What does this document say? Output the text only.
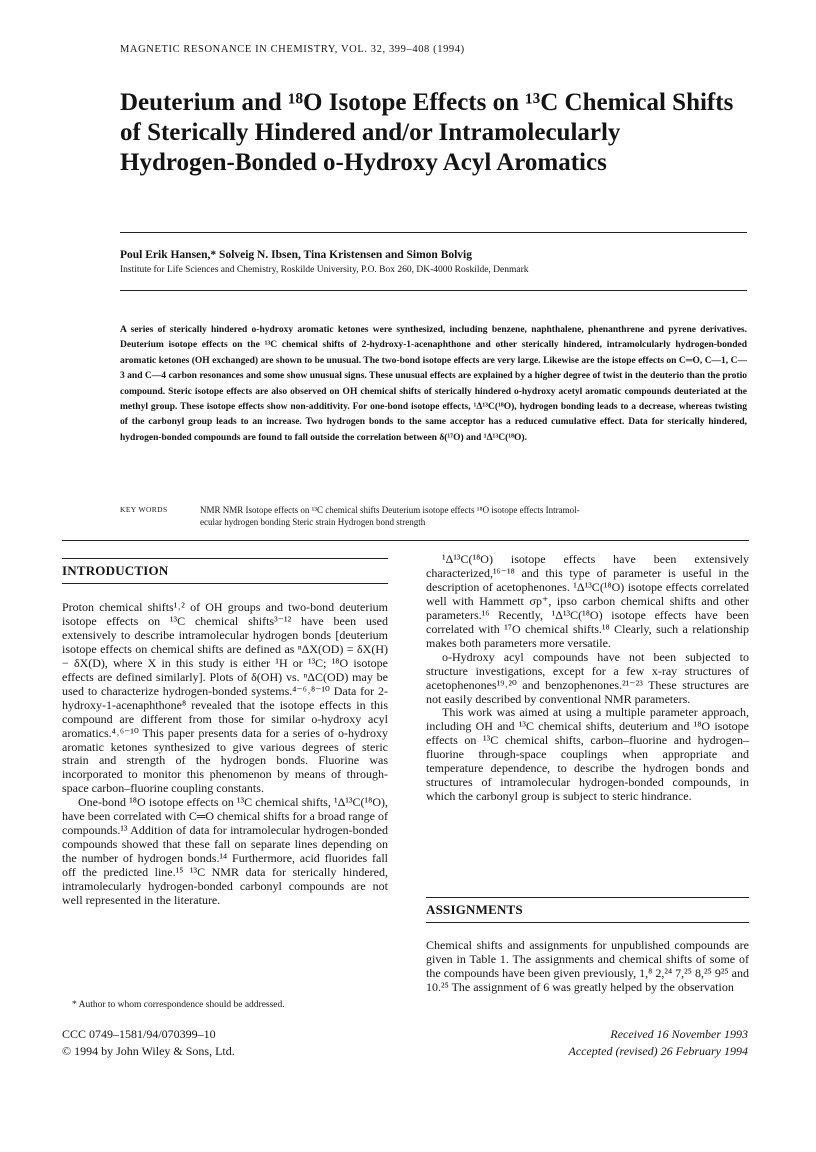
MAGNETIC RESONANCE IN CHEMISTRY, VOL. 32, 399–408 (1994)
Deuterium and ¹⁸O Isotope Effects on ¹³C Chemical Shifts of Sterically Hindered and/or Intramolecularly Hydrogen-Bonded o-Hydroxy Acyl Aromatics
Poul Erik Hansen,* Solveig N. Ibsen, Tina Kristensen and Simon Bolvig
Institute for Life Sciences and Chemistry, Roskilde University, P.O. Box 260, DK-4000 Roskilde, Denmark
A series of sterically hindered o-hydroxy aromatic ketones were synthesized, including benzene, naphthalene, phenanthrene and pyrene derivatives. Deuterium isotope effects on the ¹³C chemical shifts of 2-hydroxy-1-acenaphthone and other sterically hindered, intramolcularly hydrogen-bonded aromatic ketones (OH exchanged) are shown to be unusual. The two-bond isotope effects are very large. Likewise are the istope effects on C═O, C—1, C—3 and C—4 carbon resonances and some show unusual signs. These unusual effects are explained by a higher degree of twist in the deuterio than the protio compound. Steric isotope effects are also observed on OH chemical shifts of sterically hindered o-hydroxy acetyl aromatic compounds deuteriated at the methyl group. These isotope effects show non-additivity. For one-bond isotope effects, ¹Δ¹³C(¹⁸O), hydrogen bonding leads to a decrease, whereas twisting of the carbonyl group leads to an increase. Two hydrogen bonds to the same acceptor has a reduced cumulative effect. Data for sterically hindered, hydrogen-bonded compounds are found to fall outside the correlation between δ(¹⁷O) and ¹Δ¹³C(¹⁸O).
KEY WORDS	NMR NMR Isotope effects on ¹³C chemical shifts Deuterium isotope effects ¹⁸O isotope effects Intramol-
ecular hydrogen bonding Steric strain Hydrogen bond strength
INTRODUCTION

Proton chemical shifts¹˒² of OH groups and two-bond deuterium isotope effects on ¹³C chemical shifts³⁻¹² have been used extensively to describe intramolecular hydrogen bonds [deuterium isotope effects on chemical shifts are defined as ⁿΔX(OD) = δX(H) − δX(D), where X in this study is either ¹H or ¹³C; ¹⁸O isotope effects are defined similarly]. Plots of δ(OH) vs. ⁿΔC(OD) may be used to characterize hydrogen-bonded systems.⁴⁻⁶˒⁸⁻¹⁰ Data for 2-hydroxy-1-acenaphthone⁸ revealed that the isotope effects in this compound are different from those for similar o-hydroxy acyl aromatics.⁴˒⁶⁻¹⁰ This paper presents data for a series of o-hydroxy aromatic ketones synthesized to give various degrees of steric strain and strength of the hydrogen bonds. Fluorine was incorporated to monitor this phenomenon by means of through-space carbon–fluorine coupling constants.

One-bond ¹⁸O isotope effects on ¹³C chemical shifts, ¹Δ¹³C(¹⁸O), have been correlated with C═O chemical shifts for a broad range of compounds.¹³ Addition of data for intramolecular hydrogen-bonded compounds showed that these fall on separate lines depending on the number of hydrogen bonds.¹⁴ Furthermore, acid fluorides fall off the predicted line.¹⁵ ¹³C NMR data for sterically hindered, intramolecularly hydrogen-bonded carbonyl compounds are not well represented in the literature.

* Author to whom correspondence should be addressed.
CCC 0749–1581/94/070399–10
© 1994 by John Wiley & Sons, Ltd.

¹Δ¹³C(¹⁸O) isotope effects have been extensively characterized,¹⁶⁻¹⁸ and this type of parameter is useful in the description of acetophenones. ¹Δ¹³C(¹⁸O) isotope effects correlated well with Hammett σp⁺, ipso carbon chemical shifts and other parameters.¹⁶ Recently, ¹Δ¹³C(¹⁸O) isotope effects have been correlated with ¹⁷O chemical shifts.¹⁸ Clearly, such a relationship makes both parameters more versatile.

o-Hydroxy acyl compounds have not been subjected to structure investigations, except for a few x-ray structures of acetophenones¹⁹˒²⁰ and benzophenones.²¹⁻²³ These structures are not easily described by conventional NMR parameters.

This work was aimed at using a multiple parameter approach, including OH and ¹³C chemical shifts, deuterium and ¹⁸O isotope effects on ¹³C chemical shifts, carbon–fluorine and hydrogen–fluorine through-space couplings when appropriate and temperature dependence, to describe the hydrogen bonds and structures of intramolecular hydrogen-bonded compounds, in which the carbonyl group is subject to steric hindrance.

ASSIGNMENTS

Chemical shifts and assignments for unpublished compounds are given in Table 1. The assignments and chemical shifts of some of the compounds have been given previously, 1,⁸ 2,²⁴ 7,²⁵ 8,²⁵ 9²⁵ and 10.²⁵ The assignment of 6 was greatly helped by the observation

Received 16 November 1993
Accepted (revised) 26 February 1994
